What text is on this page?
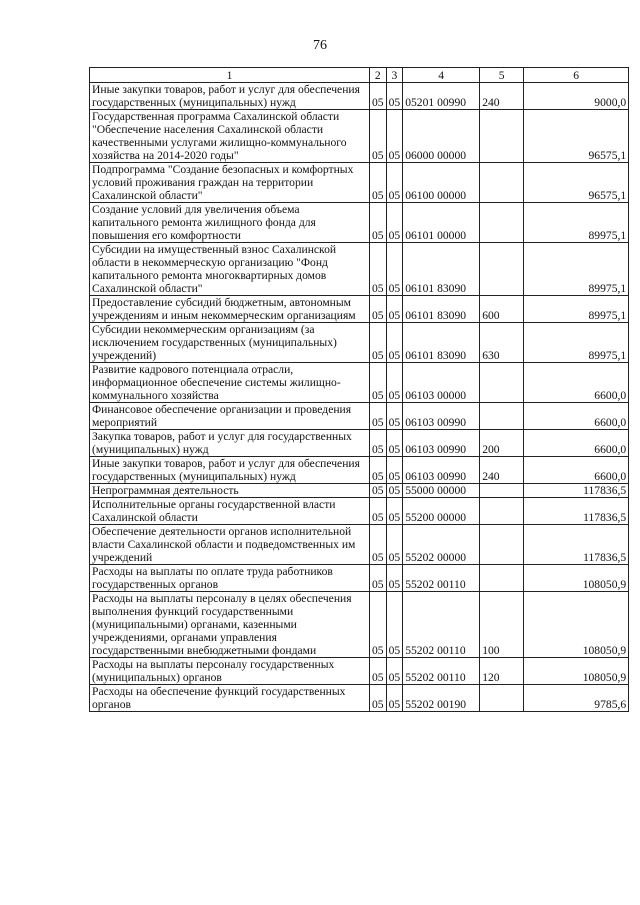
76
1	2	3	4	5	6
Иные закупки товаров, работ и услуг для обеспечения государственных (муниципальных) нужд	05	05	05201 00990	240	9000,0
Государственная программа Сахалинской области "Обеспечение населения Сахалинской области качественными услугами жилищно-коммунального хозяйства на 2014-2020 годы"	05	05	06000 00000		96575,1
Подпрограмма "Создание безопасных и комфортных условий проживания граждан на территории Сахалинской области"	05	05	06100 00000		96575,1
Создание условий для увеличения объема капитального ремонта жилищного фонда для повышения его комфортности	05	05	06101 00000		89975,1
Субсидии на имущественный взнос Сахалинской области в некоммерческую организацию "Фонд капитального ремонта многоквартирных домов Сахалинской области"	05	05	06101 83090		89975,1
Предоставление субсидий бюджетным, автономным учреждениям и иным некоммерческим организациям	05	05	06101 83090	600	89975,1
Субсидии некоммерческим организациям (за исключением государственных (муниципальных) учреждений)	05	05	06101 83090	630	89975,1
Развитие кадрового потенциала отрасли, информационное обеспечение системы жилищно-коммунального хозяйства	05	05	06103 00000		6600,0
Финансовое обеспечение организации и проведения мероприятий	05	05	06103 00990		6600,0
Закупка товаров, работ и услуг для государственных (муниципальных) нужд	05	05	06103 00990	200	6600,0
Иные закупки товаров, работ и услуг для обеспечения государственных (муниципальных) нужд	05	05	06103 00990	240	6600,0
Непрограммная деятельность	05	05	55000 00000		117836,5
Исполнительные органы государственной власти Сахалинской области	05	05	55200 00000		117836,5
Обеспечение деятельности органов исполнительной власти Сахалинской области и подведомственных им учреждений	05	05	55202 00000		117836,5
Расходы на выплаты по оплате труда работников государственных органов	05	05	55202 00110		108050,9
Расходы на выплаты персоналу в целях обеспечения выполнения функций государственными (муниципальными) органами, казенными учреждениями, органами управления государственными внебюджетными фондами	05	05	55202 00110	100	108050,9
Расходы на выплаты персоналу государственных (муниципальных) органов	05	05	55202 00110	120	108050,9
Расходы на обеспечение функций государственных органов	05	05	55202 00190		9785,6
